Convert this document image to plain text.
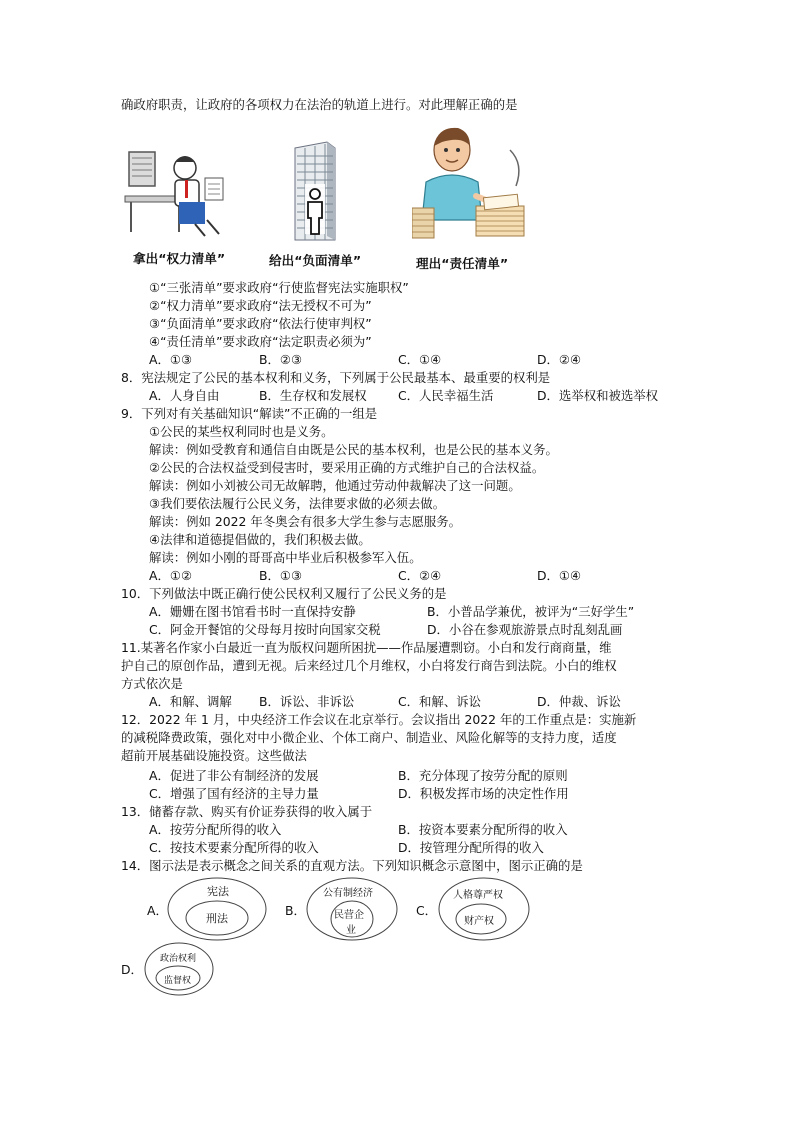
确政府职责，让政府的各项权力在法治的轨道上进行。对此理解正确的是
拿出“权力清单”	给出“负面清单”	理出“责任清单”
①“三张清单”要求政府“行使监督宪法实施职权”
②“权力清单”要求政府“法无授权不可为”
③“负面清单”要求政府“依法行使审判权”
④“责任清单”要求政府“法定职责必须为”
A．①③	B．②③	C．①④	D．②④
8．宪法规定了公民的基本权利和义务，下列属于公民最基本、最重要的权利是
A．人身自由	B．生存权和发展权	C．人民幸福生活	D．选举权和被选举权
9．下列对有关基础知识“解读”不正确的一组是
①公民的某些权利同时也是义务。
解读：例如受教育和通信自由既是公民的基本权利，也是公民的基本义务。
②公民的合法权益受到侵害时，要采用正确的方式维护自己的合法权益。
解读：例如小刘被公司无故解聘，他通过劳动仲裁解决了这一问题。
③我们要依法履行公民义务，法律要求做的必须去做。
解读：例如 2022 年冬奥会有很多大学生参与志愿服务。
④法律和道德提倡做的，我们积极去做。
解读：例如小刚的哥哥高中毕业后积极参军入伍。
A．①②	B．①③	C．②④	D．①④
10．下列做法中既正确行使公民权利又履行了公民义务的是
A．姗姗在图书馆看书时一直保持安静	B．小普品学兼优，被评为“三好学生”
C．阿金开餐馆的父母每月按时向国家交税	D．小谷在参观旅游景点时乱刻乱画
11.某著名作家小白最近一直为版权问题所困扰——作品屡遭剽窃。小白和发行商商量，维
护自己的原创作品，遭到无视。后来经过几个月维权，小白将发行商告到法院。小白的维权
方式依次是
A．和解、调解 B．诉讼、非诉讼	C．和解、诉讼	D．仲裁、诉讼
12．2022 年 1 月，中央经济工作会议在北京举行。会议指出 2022 年的工作重点是：实施新
的减税降费政策，强化对中小微企业、个体工商户、制造业、风险化解等的支持力度，适度
超前开展基础设施投资。这些做法
A．促进了非公有制经济的发展	B．充分体现了按劳分配的原则
C．增强了国有经济的主导力量	D．积极发挥市场的决定性作用
13．储蓄存款、购买有价证券获得的收入属于
A．按劳分配所得的收入	B．按资本要素分配所得的收入
C．按技术要素分配所得的收入	D．按管理分配所得的收入
14．图示法是表示概念之间关系的直观方法。下列知识概念示意图中，图示正确的是
A．
宪法
刑法
B．
公有制经济
民营企
业
C．
人格尊严权
财产权
D．
政治权利
监督权
